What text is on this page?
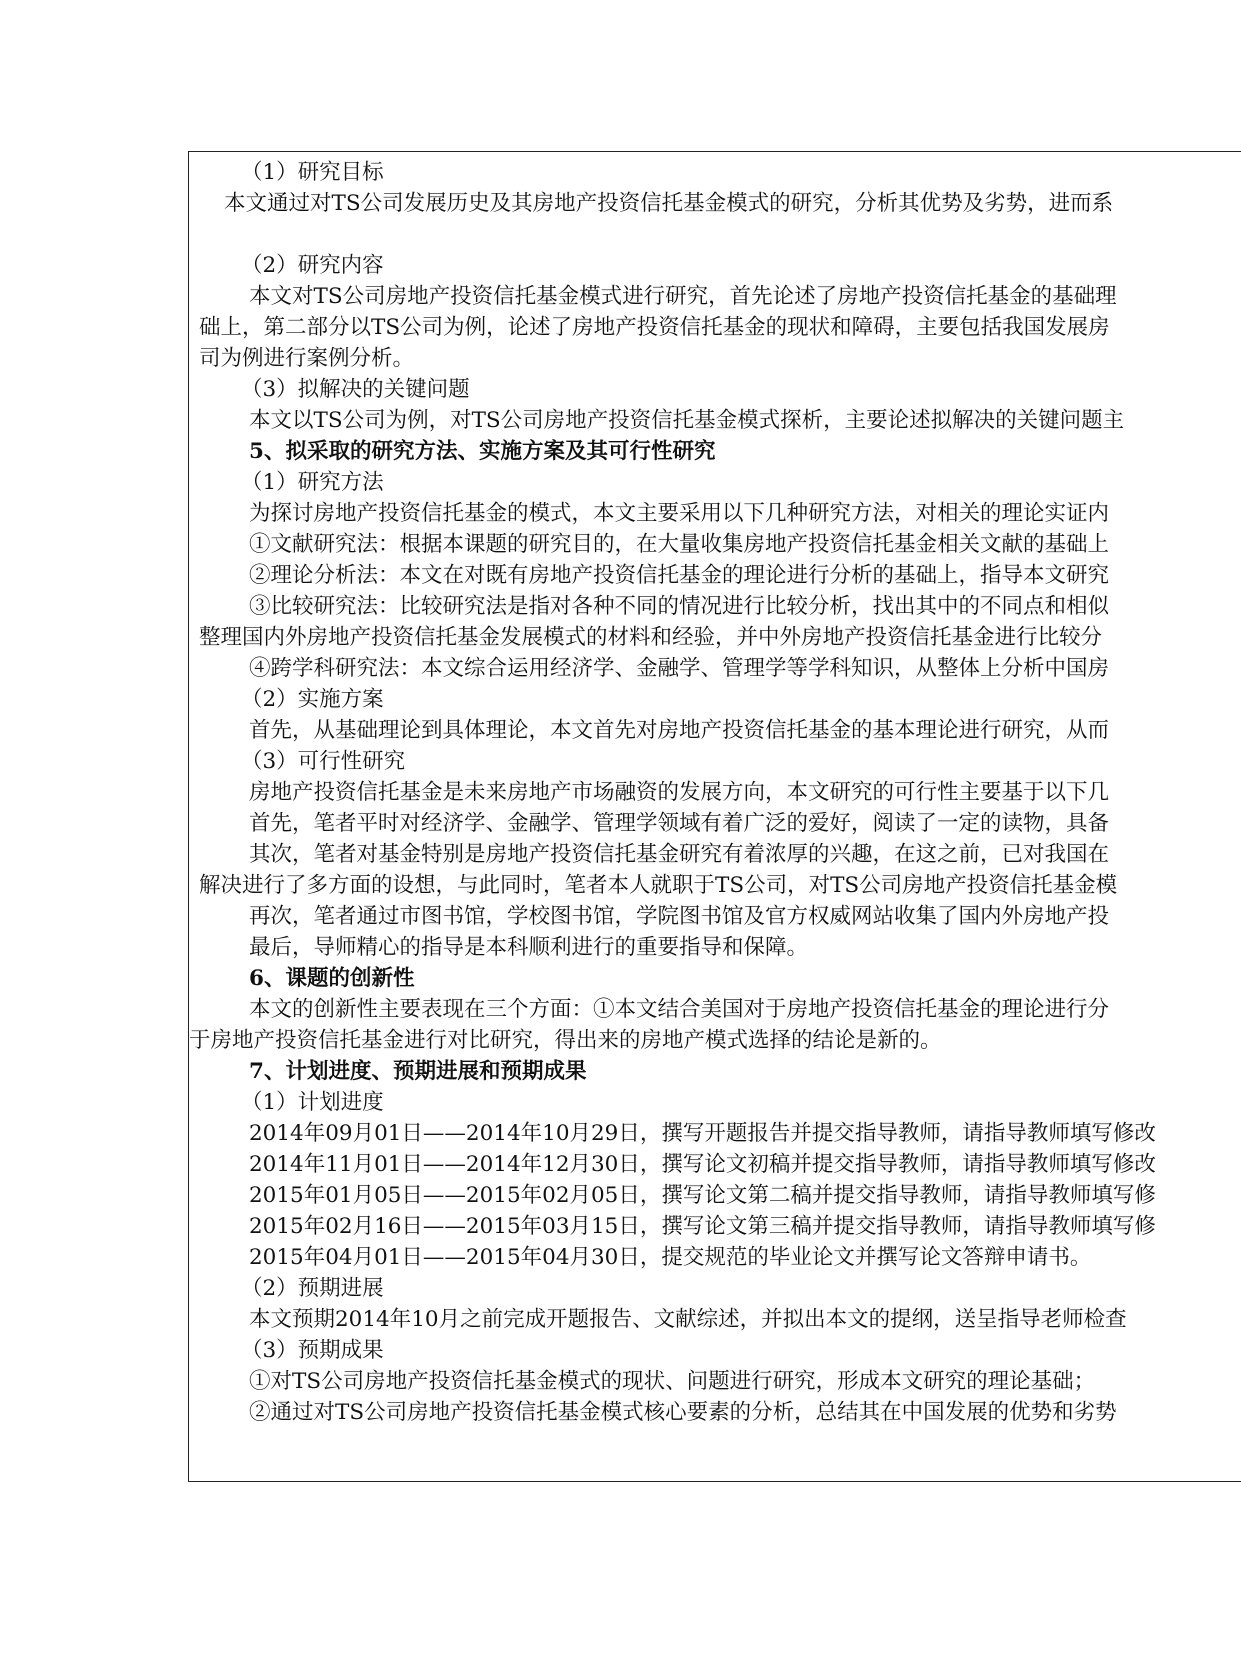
（1）研究目标
本文通过对TS公司发展历史及其房地产投资信托基金模式的研究，分析其优势及劣势，进而系
（2）研究内容
本文对TS公司房地产投资信托基金模式进行研究，首先论述了房地产投资信托基金的基础理
础上，第二部分以TS公司为例，论述了房地产投资信托基金的现状和障碍，主要包括我国发展房
司为例进行案例分析。
（3）拟解决的关键问题
本文以TS公司为例，对TS公司房地产投资信托基金模式探析，主要论述拟解决的关键问题主
5、拟采取的研究方法、实施方案及其可行性研究
（1）研究方法
为探讨房地产投资信托基金的模式，本文主要采用以下几种研究方法，对相关的理论实证内
①文献研究法：根据本课题的研究目的，在大量收集房地产投资信托基金相关文献的基础上
②理论分析法：本文在对既有房地产投资信托基金的理论进行分析的基础上，指导本文研究
③比较研究法：比较研究法是指对各种不同的情况进行比较分析，找出其中的不同点和相似
整理国内外房地产投资信托基金发展模式的材料和经验，并中外房地产投资信托基金进行比较分
④跨学科研究法：本文综合运用经济学、金融学、管理学等学科知识，从整体上分析中国房
（2）实施方案
首先，从基础理论到具体理论，本文首先对房地产投资信托基金的基本理论进行研究，从而
（3）可行性研究
房地产投资信托基金是未来房地产市场融资的发展方向，本文研究的可行性主要基于以下几
首先，笔者平时对经济学、金融学、管理学领域有着广泛的爱好，阅读了一定的读物，具备
其次，笔者对基金特别是房地产投资信托基金研究有着浓厚的兴趣，在这之前，已对我国在
解决进行了多方面的设想，与此同时，笔者本人就职于TS公司，对TS公司房地产投资信托基金模
再次，笔者通过市图书馆，学校图书馆，学院图书馆及官方权威网站收集了国内外房地产投
最后，导师精心的指导是本科顺利进行的重要指导和保障。
6、课题的创新性
本文的创新性主要表现在三个方面：①本文结合美国对于房地产投资信托基金的理论进行分
于房地产投资信托基金进行对比研究，得出来的房地产模式选择的结论是新的。
7、计划进度、预期进展和预期成果
（1）计划进度
2014年09月01日——2014年10月29日，撰写开题报告并提交指导教师，请指导教师填写修改
2014年11月01日——2014年12月30日，撰写论文初稿并提交指导教师，请指导教师填写修改
2015年01月05日——2015年02月05日，撰写论文第二稿并提交指导教师，请指导教师填写修
2015年02月16日——2015年03月15日，撰写论文第三稿并提交指导教师，请指导教师填写修
2015年04月01日——2015年04月30日，提交规范的毕业论文并撰写论文答辩申请书。
（2）预期进展
本文预期2014年10月之前完成开题报告、文献综述，并拟出本文的提纲，送呈指导老师检查
（3）预期成果
①对TS公司房地产投资信托基金模式的现状、问题进行研究，形成本文研究的理论基础；
②通过对TS公司房地产投资信托基金模式核心要素的分析，总结其在中国发展的优势和劣势
